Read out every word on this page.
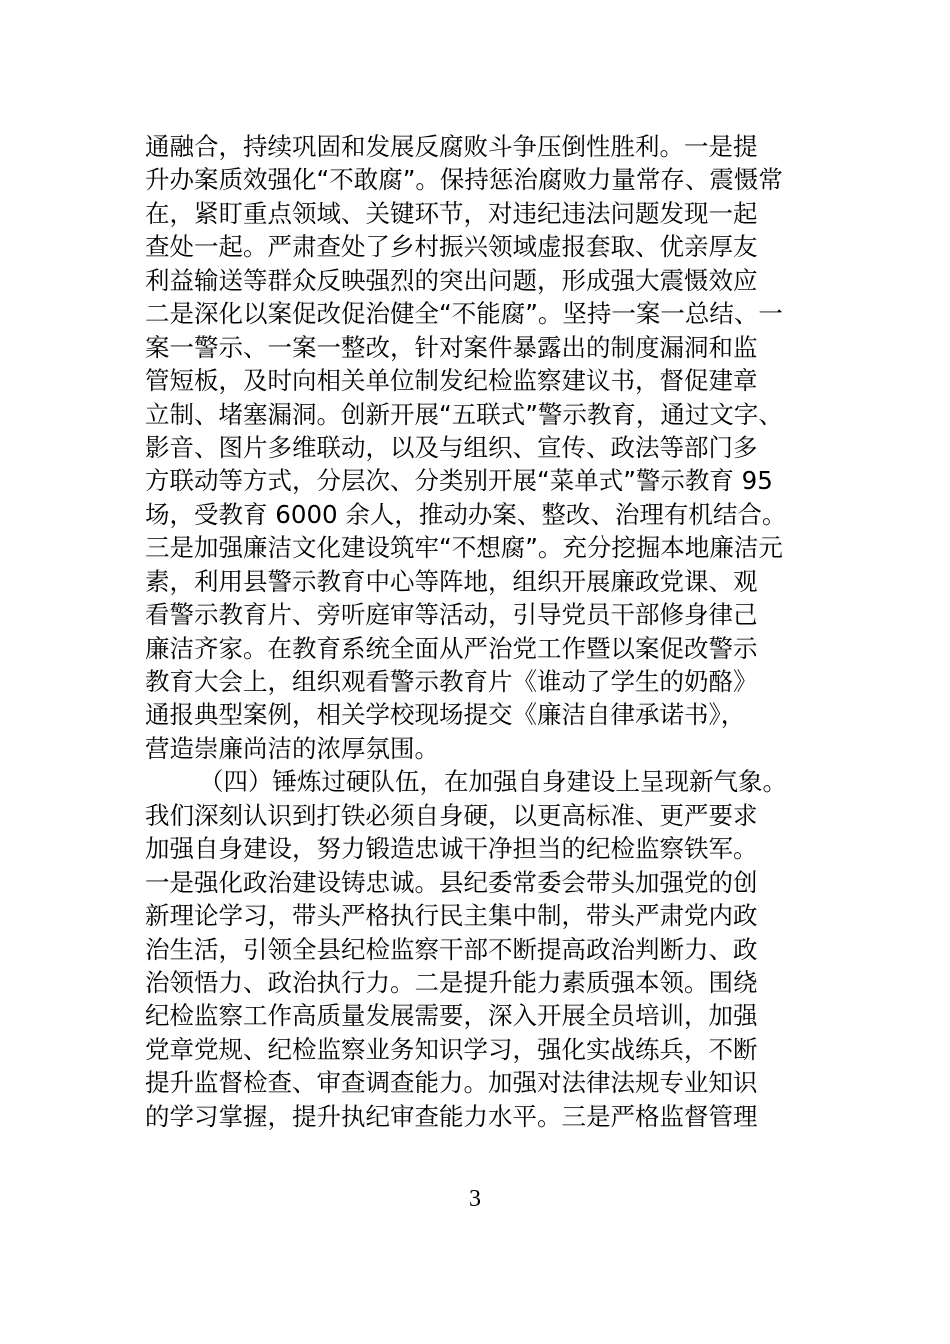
通融合，持续巩固和发展反腐败斗争压倒性胜利。一是提
升办案质效强化“不敢腐”。保持惩治腐败力量常存、震慑常
在，紧盯重点领域、关键环节，对违纪违法问题发现一起
查处一起。严肃查处了乡村振兴领域虚报套取、优亲厚友
利益输送等群众反映强烈的突出问题，形成强大震慑效应
二是深化以案促改促治健全“不能腐”。坚持一案一总结、一
案一警示、一案一整改，针对案件暴露出的制度漏洞和监
管短板，及时向相关单位制发纪检监察建议书，督促建章
立制、堵塞漏洞。创新开展“五联式”警示教育，通过文字、
影音、图片多维联动，以及与组织、宣传、政法等部门多
方联动等方式，分层次、分类别开展“菜单式”警示教育 95
场，受教育 6000 余人，推动办案、整改、治理有机结合。
三是加强廉洁文化建设筑牢“不想腐”。充分挖掘本地廉洁元
素，利用县警示教育中心等阵地，组织开展廉政党课、观
看警示教育片、旁听庭审等活动，引导党员干部修身律己
廉洁齐家。在教育系统全面从严治党工作暨以案促改警示
教育大会上，组织观看警示教育片《谁动了学生的奶酪》
通报典型案例，相关学校现场提交《廉洁自律承诺书》，
营造崇廉尚洁的浓厚氛围。
（四）锤炼过硬队伍，在加强自身建设上呈现新气象。
我们深刻认识到打铁必须自身硬，以更高标准、更严要求
加强自身建设，努力锻造忠诚干净担当的纪检监察铁军。
一是强化政治建设铸忠诚。县纪委常委会带头加强党的创
新理论学习，带头严格执行民主集中制，带头严肃党内政
治生活，引领全县纪检监察干部不断提高政治判断力、政
治领悟力、政治执行力。二是提升能力素质强本领。围绕
纪检监察工作高质量发展需要，深入开展全员培训，加强
党章党规、纪检监察业务知识学习，强化实战练兵，不断
提升监督检查、审查调查能力。加强对法律法规专业知识
的学习掌握，提升执纪审查能力水平。三是严格监督管理
3
